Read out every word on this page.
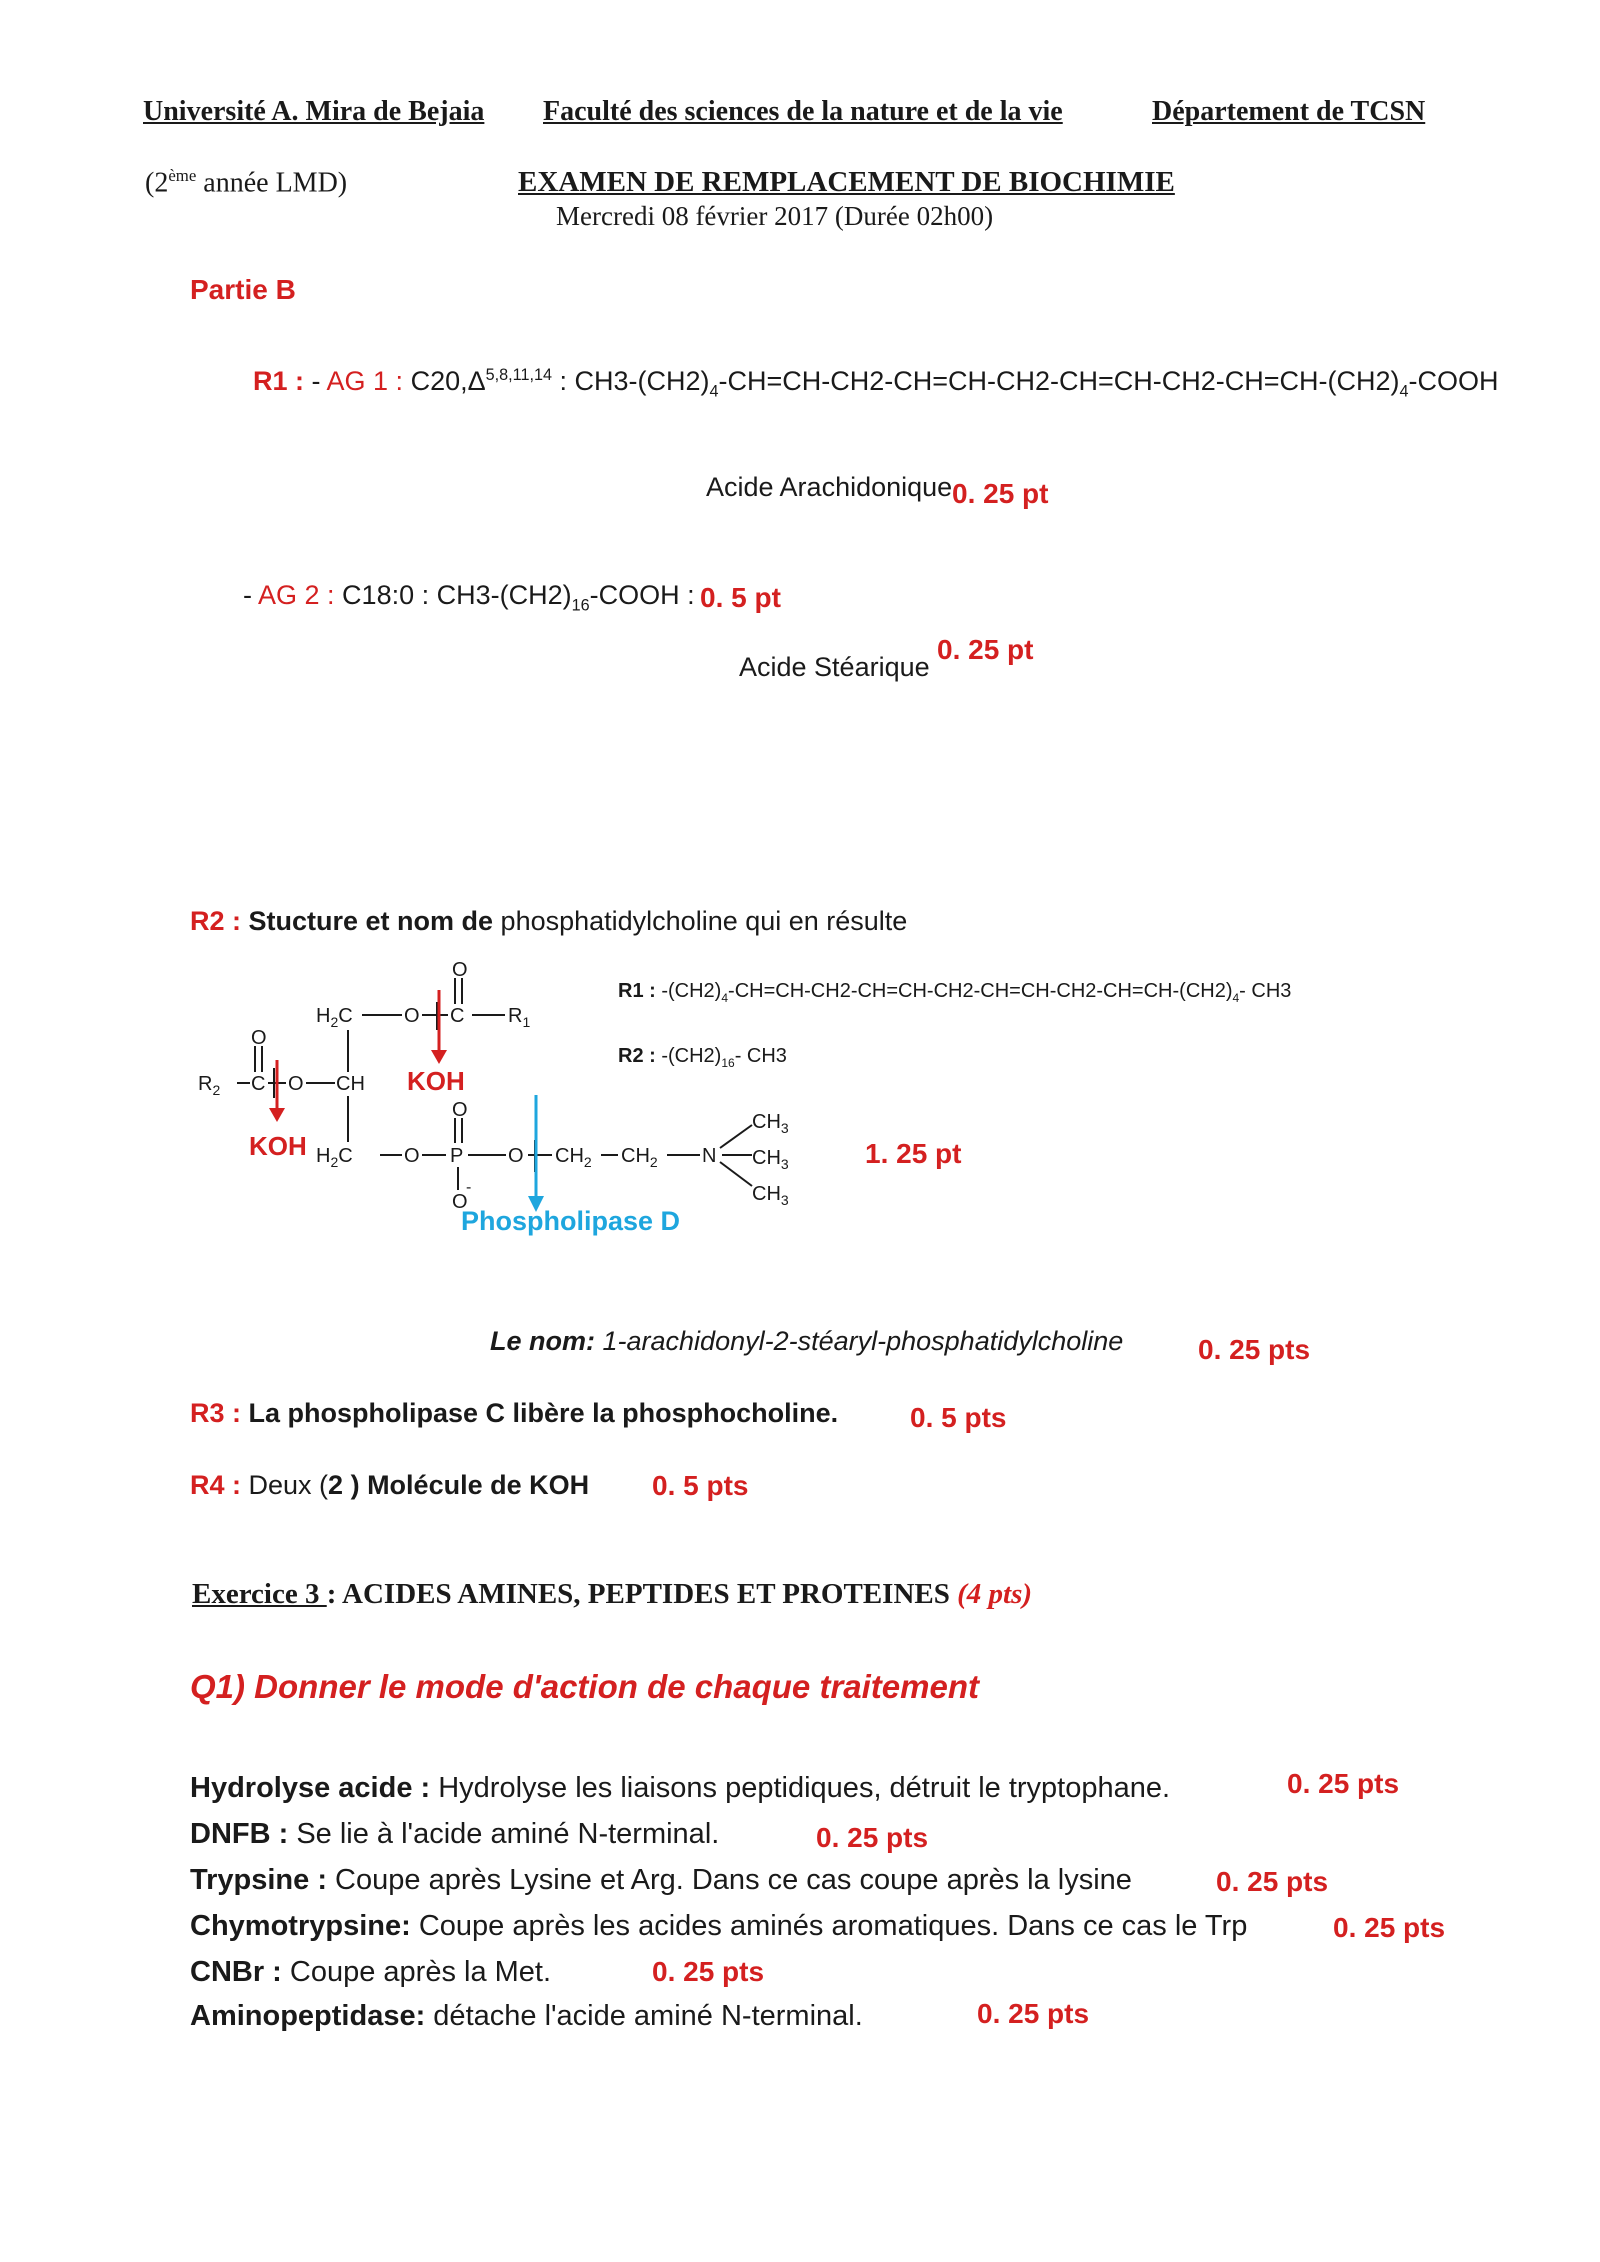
Université A. Mira de Bejaia Faculté des sciences de la nature et de la vie	Département de TCSN
(2ème année LMD)	EXAMEN DE REMPLACEMENT DE BIOCHIMIE
Mercredi 08 février 2017 (Durée 02h00)
Partie B
R1 : - AG 1 : $C20,\Delta^{5,8,11,14}$ : $CH3-(CH2)_4-CH=CH-CH2-CH=CH-CH2-CH=CH-CH2-CH=CH-(CH2)_4$-COOH
Acide Arachidonique 0. 25 pt
- AG 2 : C18:0 : $CH3-(CH2)_{16}$-COOH : 0. 5 pt
Acide Stéarique
0. 25 pt
R2 : Stucture et nom de phosphatidylcholine qui en résulte
R1 : $-(CH2)_4-CH=CH-CH2-CH=CH-CH2-CH=CH-CH2-CH=CH-(CH2)_4-$ CH3
R2 : $-(CH2)_{16}-$ CH3
O
$H_2C$	O C $R_1$
O
$R_2$ C O CH
O
$H_2C$	O P O
O
-
$CH_2$ $CH_2$ N
$CH_3$
$CH_3$
$CH_3$
KOH
KOH
Phospholipase D
1. 25 pt
Le nom: 1-arachidonyl-2-stéaryl-phosphatidylcholine	0. 25 pts
R3 : La phospholipase C libère la phosphocholine.	0. 5 pts
R4 : Deux (2 ) Molécule de KOH 0. 5 pts
Exercice 3 : ACIDES AMINES, PEPTIDES ET PROTEINES (4 pts)
Q1) Donner le mode d'action de chaque traitement
Hydrolyse acide : Hydrolyse les liaisons peptidiques, détruit le tryptophane.	0. 25 pts
DNFB : Se lie à l'acide aminé N-terminal.	0. 25 pts
Trypsine : Coupe après Lysine et Arg. Dans ce cas coupe après la lysine	0. 25 pts
Chymotrypsine: Coupe après les acides aminés aromatiques. Dans ce cas le Trp	0. 25 pts
CNBr : Coupe après la Met.	0. 25 pts
Aminopeptidase: détache l'acide aminé N-terminal.	0. 25 pts
